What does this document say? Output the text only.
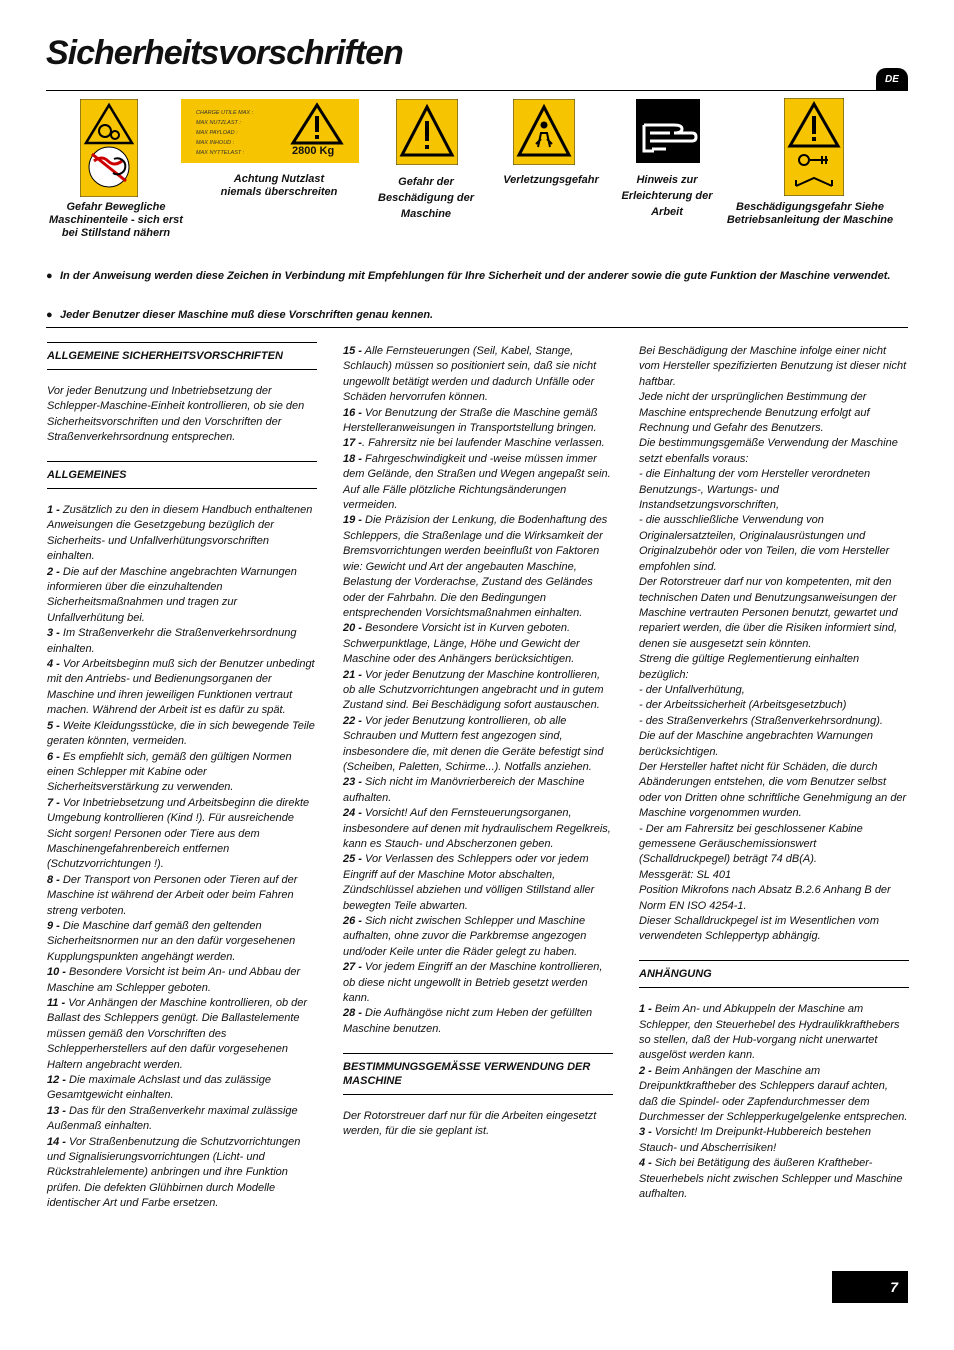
Sicherheitsvorschriften
DE
Gefahr Bewegliche Maschinenteile - sich erst bei Stillstand nähern
CHARGE UTILE MAX :
MAX NUTZLAST :
MAX PAYLOAD :
MAX INHOUD :
MAX NYTTELAST :	2800 Kg
Achtung Nutzlast niemals überschreiten
Gefahr der Beschädigung der Maschine
Verletzungsgefahr	Hinweis zur Erleichterung der Arbeit	Beschädigungsgefahr Siehe Betriebsanleitung der Maschine
● In der Anweisung werden diese Zeichen in Verbindung mit Empfehlungen für Ihre Sicherheit und der anderer sowie die gute Funktion der Maschine verwendet.
● Jeder Benutzer dieser Maschine muß diese Vorschriften genau kennen.
ALLGEMEINE SICHERHEITSVORSCHRIFTEN

Vor jeder Benutzung und Inbetriebsetzung der Schlepper-Maschine-Einheit kontrollieren, ob sie den Sicherheitsvorschriften und den Vorschriften der Straßenverkehrsordnung entsprechen.

ALLGEMEINES

1 - Zusätzlich zu den in diesem Handbuch enthaltenen Anweisungen die Gesetzgebung bezüglich der Sicherheits- und Unfallverhütungsvorschriften einhalten.

2 - Die auf der Maschine angebrachten Warnungen informieren über die einzuhaltenden Sicherheitsmaßnahmen und tragen zur Unfallverhütung bei.

3 - Im Straßenverkehr die Straßenverkehrsordnung einhalten.

4 - Vor Arbeitsbeginn muß sich der Benutzer unbedingt mit den Antriebs- und Bedienungsorganen der Maschine und ihren jeweiligen Funktionen vertraut machen. Während der Arbeit ist es dafür zu spät.

5 - Weite Kleidungsstücke, die in sich bewegende Teile geraten könnten, vermeiden.

6 - Es empfiehlt sich, gemäß den gültigen Normen einen Schlepper mit Kabine oder Sicherheitsverstärkung zu verwenden.

7 - Vor Inbetriebsetzung und Arbeitsbeginn die direkte Umgebung kontrollieren (Kind !). Für ausreichende Sicht sorgen! Personen oder Tiere aus dem Maschinengefahrenbereich entfernen (Schutzvorrichtungen !).

8 - Der Transport von Personen oder Tieren auf der Maschine ist während der Arbeit oder beim Fahren streng verboten.

9 - Die Maschine darf gemäß den geltenden Sicherheitsnormen nur an den dafür vorgesehenen Kupplungspunkten angehängt werden.

10 - Besondere Vorsicht ist beim An- und Abbau der Maschine am Schlepper geboten.

11 - Vor Anhängen der Maschine kontrollieren, ob der Ballast des Schleppers genügt. Die Ballastelemente müssen gemäß den Vorschriften des Schlepperherstellers auf den dafür vorgesehenen Haltern angebracht werden.

12 - Die maximale Achslast und das zulässige Gesamtgewicht einhalten.

13 - Das für den Straßenverkehr maximal zulässige Außenmaß einhalten.

14 - Vor Straßenbenutzung die Schutzvorrichtungen und Signalisierungsvorrichtungen (Licht- und Rückstrahlelemente) anbringen und ihre Funktion prüfen. Die defekten Glühbirnen durch Modelle identischer Art und Farbe ersetzen.

15 - Alle Fernsteuerungen (Seil, Kabel, Stange, Schlauch) müssen so positioniert sein, daß sie nicht ungewollt betätigt werden und dadurch Unfälle oder Schäden hervorrufen können.

16 - Vor Benutzung der Straße die Maschine gemäß Herstelleranweisungen in Transportstellung bringen.

17 -. Fahrersitz nie bei laufender Maschine verlassen.

18 - Fahrgeschwindigkeit und -weise müssen immer dem Gelände, den Straßen und Wegen angepaßt sein. Auf alle Fälle plötzliche Richtungsänderungen vermeiden.

19 - Die Präzision der Lenkung, die Bodenhaftung des Schleppers, die Straßenlage und die Wirksamkeit der Bremsvorrichtungen werden beeinflußt von Faktoren wie: Gewicht und Art der angebauten Maschine, Belastung der Vorderachse, Zustand des Geländes oder der Fahrbahn. Die den Bedingungen entsprechenden Vorsichtsmaßnahmen einhalten.

20 - Besondere Vorsicht ist in Kurven geboten. Schwerpunktlage, Länge, Höhe und Gewicht der Maschine oder des Anhängers berücksichtigen.

21 - Vor jeder Benutzung der Maschine kontrollieren, ob alle Schutzvorrichtungen angebracht und in gutem Zustand sind. Bei Beschädigung sofort austauschen.

22 - Vor jeder Benutzung kontrollieren, ob alle Schrauben und Muttern fest angezogen sind, insbesondere die, mit denen die Geräte befestigt sind (Scheiben, Paletten, Schirme...). Notfalls anziehen.

23 - Sich nicht im Manövrierbereich der Maschine aufhalten.

24 - Vorsicht! Auf den Fernsteuerungsorganen, insbesondere auf denen mit hydraulischem Regelkreis, kann es Stauch- und Abscherzonen geben.

25 - Vor Verlassen des Schleppers oder vor jedem Eingriff auf der Maschine Motor abschalten, Zündschlüssel abziehen und völligen Stillstand aller bewegten Teile abwarten.

26 - Sich nicht zwischen Schlepper und Maschine aufhalten, ohne zuvor die Parkbremse angezogen und/oder Keile unter die Räder gelegt zu haben.

27 - Vor jedem Eingriff an der Maschine kontrollieren, ob diese nicht ungewollt in Betrieb gesetzt werden kann.

28 - Die Aufhängöse nicht zum Heben der gefüllten Maschine benutzen.

BESTIMMUNGSGEMÄSSE VERWENDUNG DER MASCHINE

Der Rotorstreuer darf nur für die Arbeiten eingesetzt werden, für die sie geplant ist.

Bei Beschädigung der Maschine infolge einer nicht vom Hersteller spezifizierten Benutzung ist dieser nicht haftbar.

Jede nicht der ursprünglichen Bestimmung der Maschine entsprechende Benutzung erfolgt auf Rechnung und Gefahr des Benutzers.

Die bestimmungsgemäße Verwendung der Maschine setzt ebenfalls voraus:

- die Einhaltung der vom Hersteller verordneten Benutzungs-, Wartungs- und Instandsetzungsvorschriften,

- die ausschließliche Verwendung von Originalersatzteilen, Originalausrüstungen und Originalzubehör oder von Teilen, die vom Hersteller empfohlen sind.

Der Rotorstreuer darf nur von kompetenten, mit den technischen Daten und Benutzungsanweisungen der Maschine vertrauten Personen benutzt, gewartet und repariert werden, die über die Risiken informiert sind, denen sie ausgesetzt sein könnten.

Streng die gültige Reglementierung einhalten bezüglich:

- der Unfallverhütung,

- der Arbeitssicherheit (Arbeitsgesetzbuch)

- des Straßenverkehrs (Straßenverkehrsordnung).

Die auf der Maschine angebrachten Warnungen berücksichtigen.

Der Hersteller haftet nicht für Schäden, die durch Abänderungen entstehen, die vom Benutzer selbst oder von Dritten ohne schriftliche Genehmigung an der Maschine vorgenommen wurden.

- Der am Fahrersitz bei geschlossener Kabine gemessene Geräuschemissionswert (Schalldruckpegel) beträgt 74 dB(A).

Messgerät: SL 401

Position Mikrofons nach Absatz B.2.6 Anhang B der Norm EN ISO 4254-1.

Dieser Schalldruckpegel ist im Wesentlichen vom verwendeten Schleppertyp abhängig.

ANHÄNGUNG

1 - Beim An- und Abkuppeln der Maschine am Schlepper, den Steuerhebel des Hydraulikkrafthebers so stellen, daß der Hub-vorgang nicht unerwartet ausgelöst werden kann.

2 - Beim Anhängen der Maschine am Dreipunktkraftheber des Schleppers darauf achten, daß die Spindel- oder Zapfendurchmesser dem Durchmesser der Schlepperkugelgelenke entsprechen.

3 - Vorsicht! Im Dreipunkt-Hubbereich bestehen Stauch- und Abscherrisiken!

4 - Sich bei Betätigung des äußeren Kraftheber-Steuerhebels nicht zwischen Schlepper und Maschine aufhalten.

7
